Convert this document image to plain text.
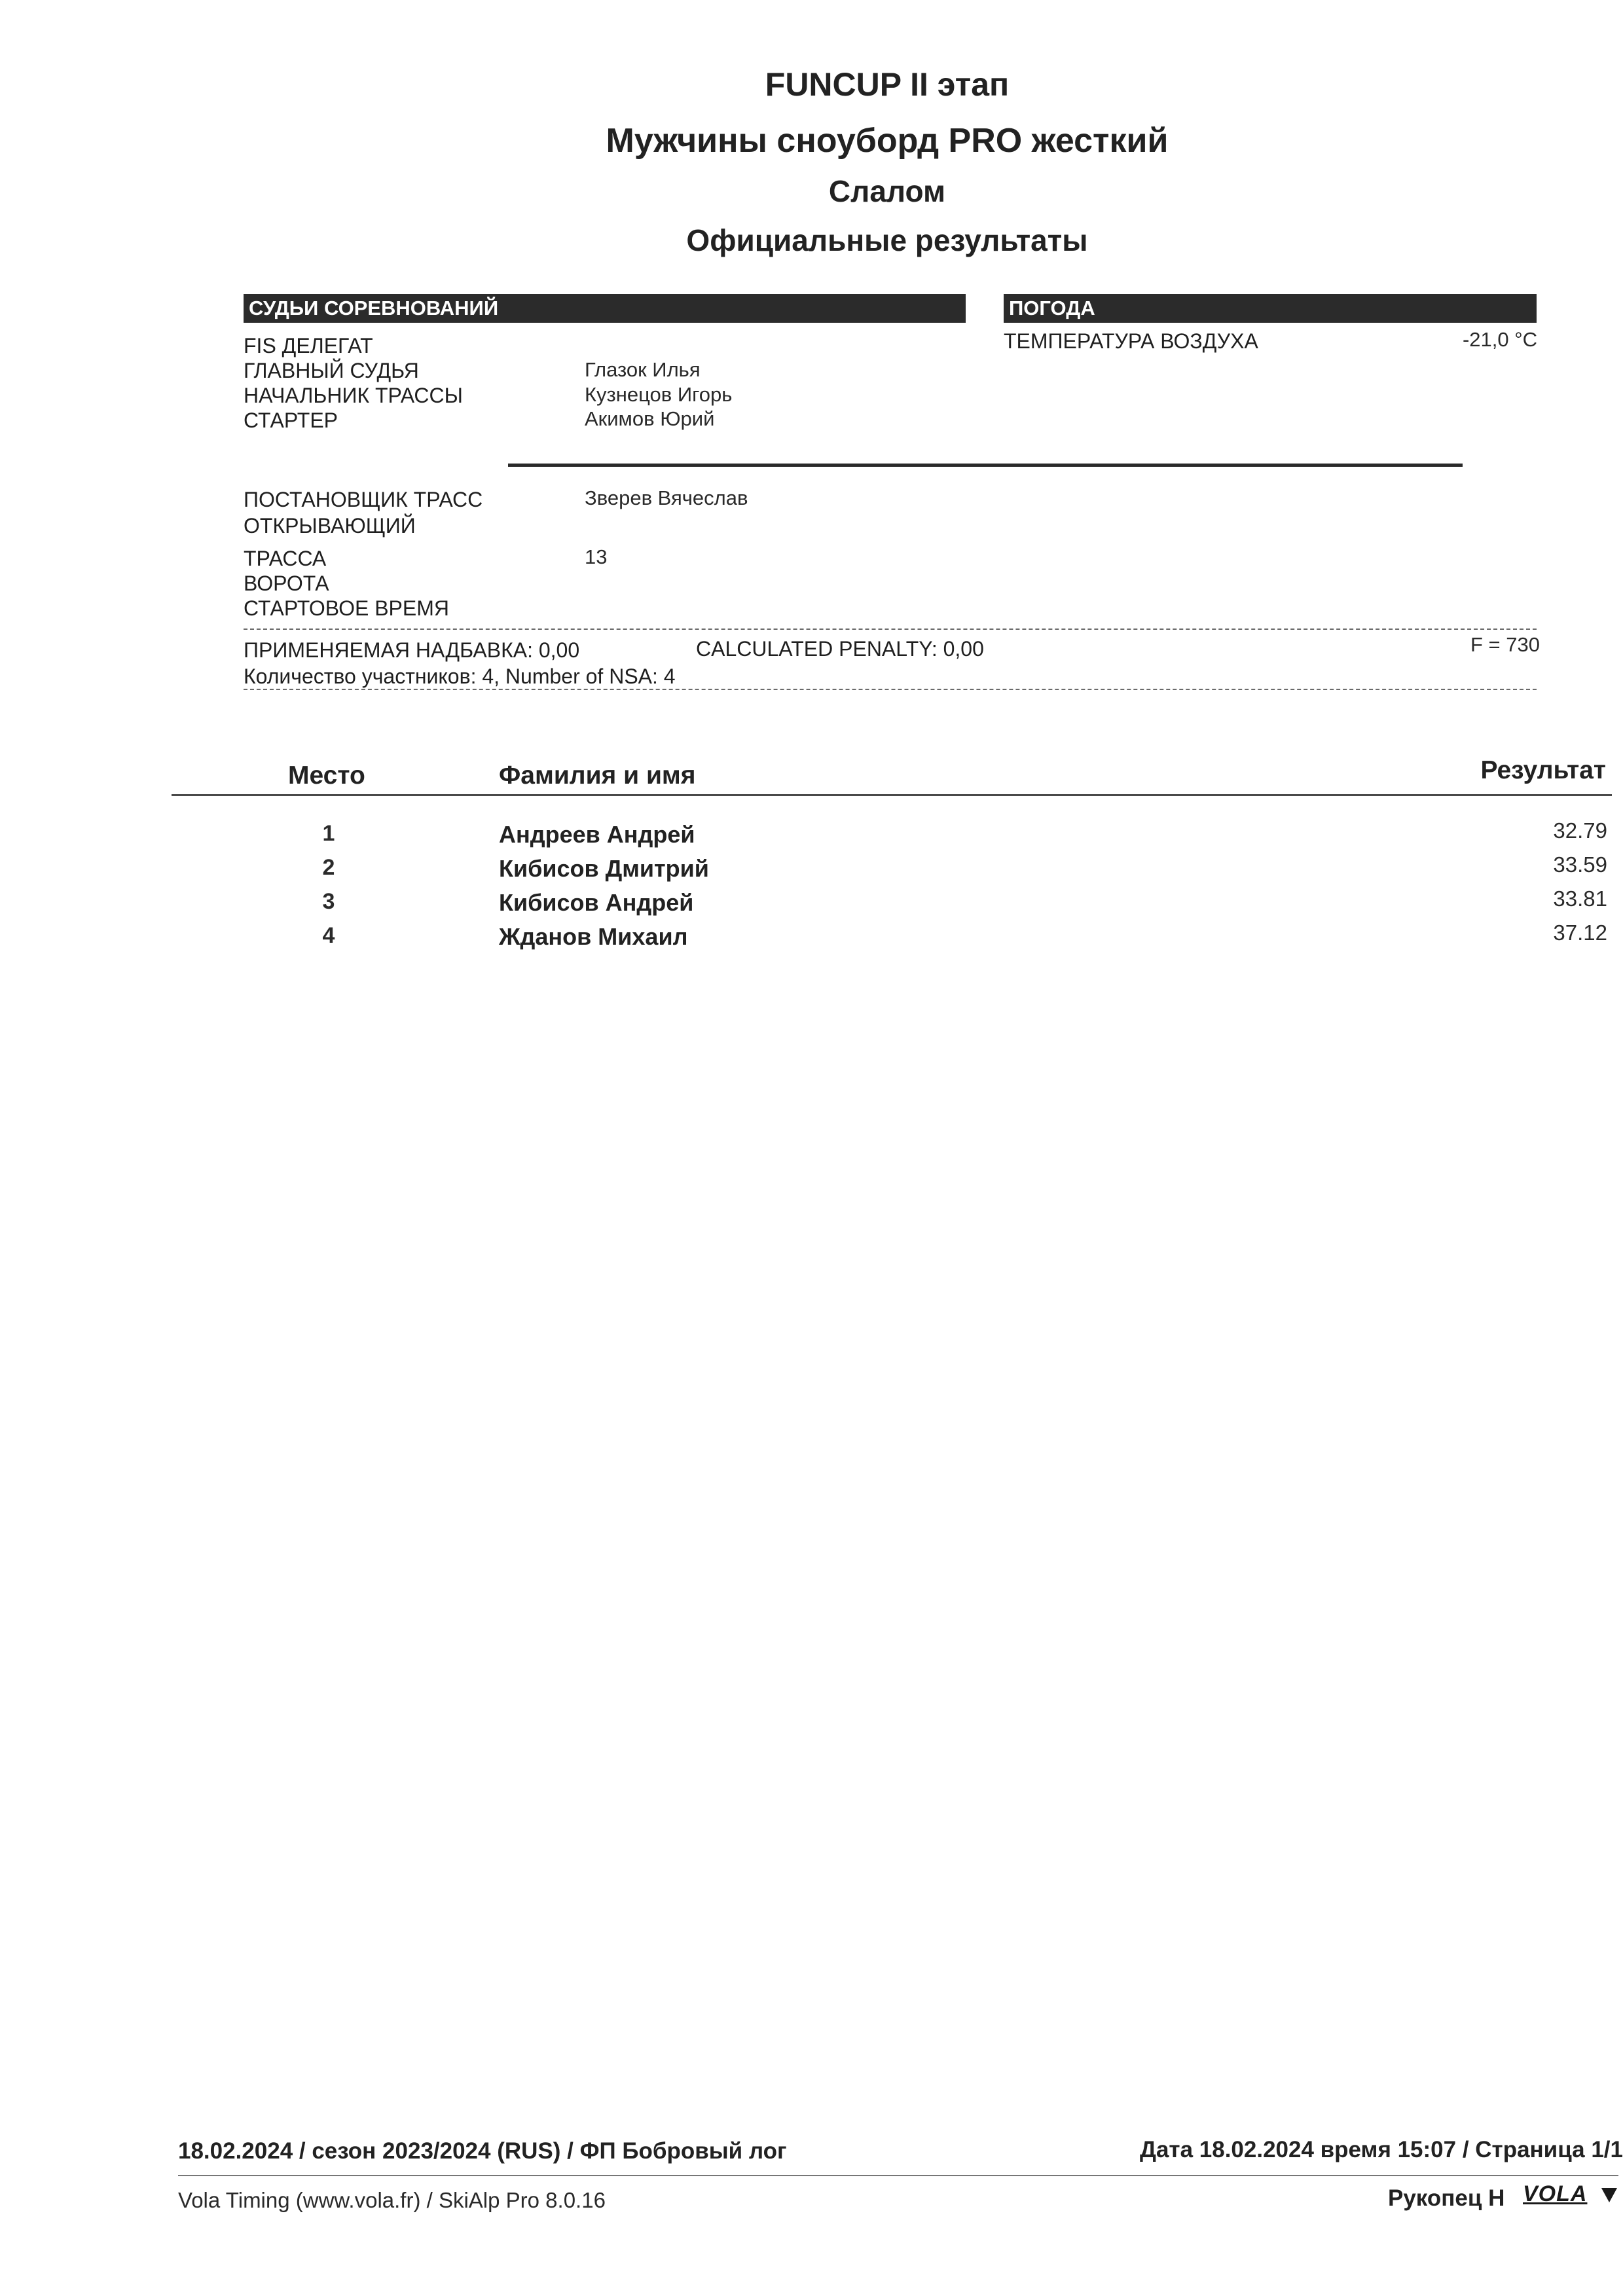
FUNCUP II этап
Мужчины сноуборд PRO жесткий
Слалом
Официальные результаты
СУДЬИ СОРЕВНОВАНИЙ
FIS ДЕЛЕГАТ
ГЛАВНЫЙ СУДЬЯ	Глазок Илья
НАЧАЛЬНИК ТРАССЫ	Кузнецов Игорь
СТАРТЕР	Акимов Юрий
ПОГОДА
ТЕМПЕРАТУРА ВОЗДУХА	-21,0 °C
ПОСТАНОВЩИК ТРАСС	Зверев Вячеслав
ОТКРЫВАЮЩИЙ
ТРАССА	13
ВОРОТА
СТАРТОВОЕ ВРЕМЯ
ПРИМЕНЯЕМАЯ НАДБАВКА: 0,00	CALCULATED PENALTY: 0,00	F = 730
Количество участников: 4, Number of NSA: 4
Место	Фамилия и имя	Результат
1	Андреев Андрей	32.79
2	Кибисов Дмитрий	33.59
3	Кибисов Андрей	33.81
4	Жданов Михаил	37.12
18.02.2024 / сезон 2023/2024 (RUS) / ФП Бобровый лог	Дата 18.02.2024 время 15:07 / Страница 1/1
Vola Timing (www.vola.fr) / SkiAlp Pro 8.0.16	Рукопец Н VOLA
